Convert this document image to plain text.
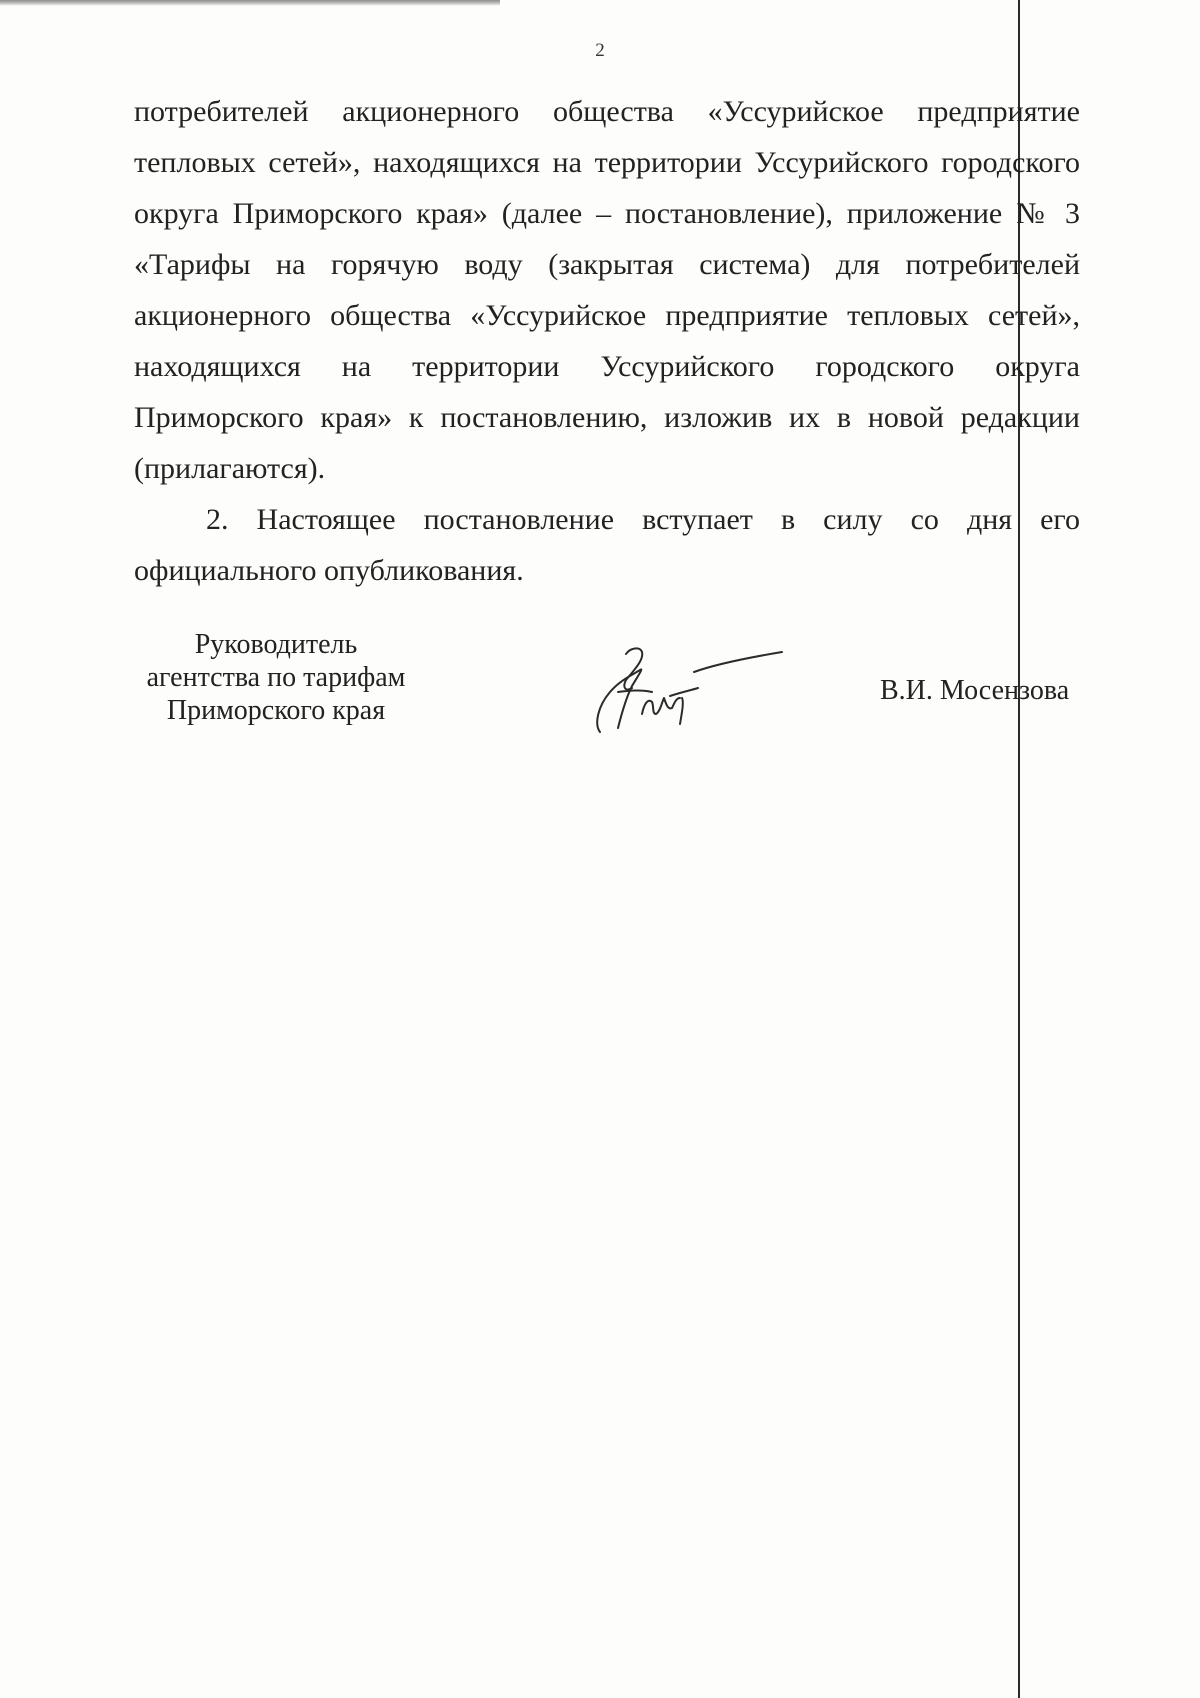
2

потребителей акционерного общества «Уссурийское предприятие тепловых сетей», находящихся на территории Уссурийского городского округа Приморского края» (далее – постановление), приложение № 3 «Тарифы на горячую воду (закрытая система) для потребителей акционерного общества «Уссурийское предприятие тепловых сетей», находящихся на территории Уссурийского городского округа Приморского края» к постановлению, изложив их в новой редакции (прилагаются).

2. Настоящее постановление вступает в силу со дня его официального опубликования.

Руководитель
агентства по тарифам
Приморского края
В.И. Мосензова
